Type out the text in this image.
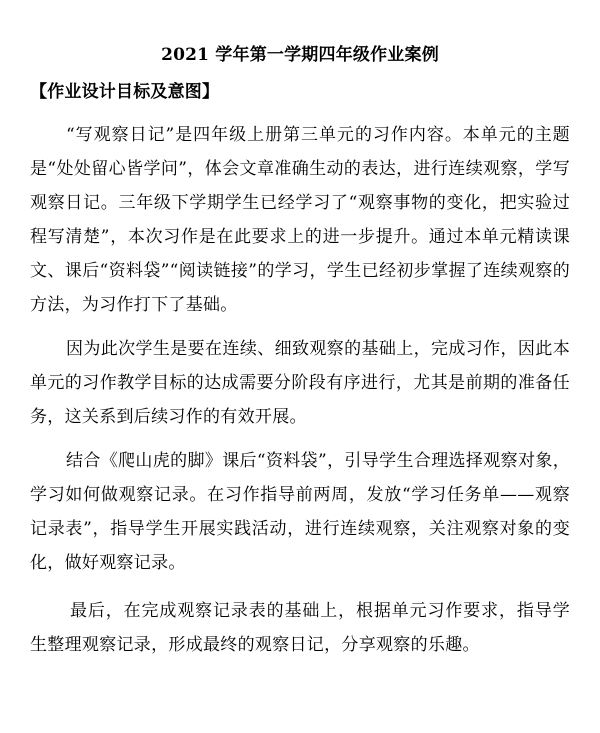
2021 学年第一学期四年级作业案例
【作业设计目标及意图】

“写观察日记”是四年级上册第三单元的习作内容。本单元的主题是“处处留心皆学问”，体会文章准确生动的表达，进行连续观察，学写观察日记。三年级下学期学生已经学习了“观察事物的变化，把实验过程写清楚”，本次习作是在此要求上的进一步提升。通过本单元精读课文、课后“资料袋”“阅读链接”的学习，学生已经初步掌握了连续观察的方法，为习作打下了基础。

因为此次学生是要在连续、细致观察的基础上，完成习作，因此本单元的习作教学目标的达成需要分阶段有序进行，尤其是前期的准备任务，这关系到后续习作的有效开展。

结合《爬山虎的脚》课后“资料袋”，引导学生合理选择观察对象，学习如何做观察记录。在习作指导前两周，发放“学习任务单——观察记录表”，指导学生开展实践活动，进行连续观察，关注观察对象的变化，做好观察记录。

最后，在完成观察记录表的基础上，根据单元习作要求，指导学生整理观察记录，形成最终的观察日记，分享观察的乐趣。
